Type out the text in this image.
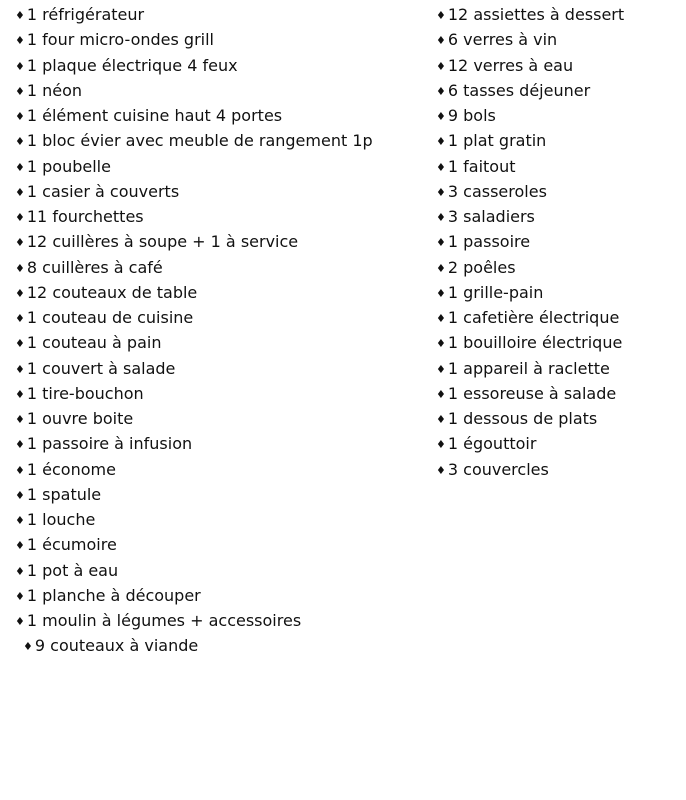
♦ 1 réfrigérateur
♦ 1 four micro-ondes grill
♦ 1 plaque électrique 4 feux
♦ 1 néon
♦ 1 élément cuisine haut 4 portes
♦ 1 bloc évier avec meuble de rangement 1p
♦ 1 poubelle
♦ 1 casier à couverts
♦ 11 fourchettes
♦ 12 cuillères à soupe + 1 à service
♦ 8 cuillères à café
♦ 12 couteaux de table
♦ 1 couteau de cuisine
♦ 1 couteau à pain
♦ 1 couvert à salade
♦ 1 tire-bouchon
♦ 1 ouvre boite
♦ 1 passoire à infusion
♦ 1 économe
♦ 1 spatule
♦ 1 louche
♦ 1 écumoire
♦ 1 pot à eau
♦ 1 planche à découper
♦ 1 moulin à légumes + accessoires
♦ 9 couteaux à viande
♦ 12 assiettes à dessert
♦ 6 verres à vin
♦ 12 verres à eau
♦ 6 tasses déjeuner
♦ 9 bols
♦ 1 plat gratin
♦ 1 faitout
♦ 3 casseroles
♦ 3 saladiers
♦ 1 passoire
♦ 2 poêles
♦ 1 grille-pain
♦ 1 cafetière électrique
♦ 1 bouilloire électrique
♦ 1 appareil à raclette
♦ 1 essoreuse à salade
♦ 1 dessous de plats
♦ 1 égouttoir
♦ 3 couvercles
